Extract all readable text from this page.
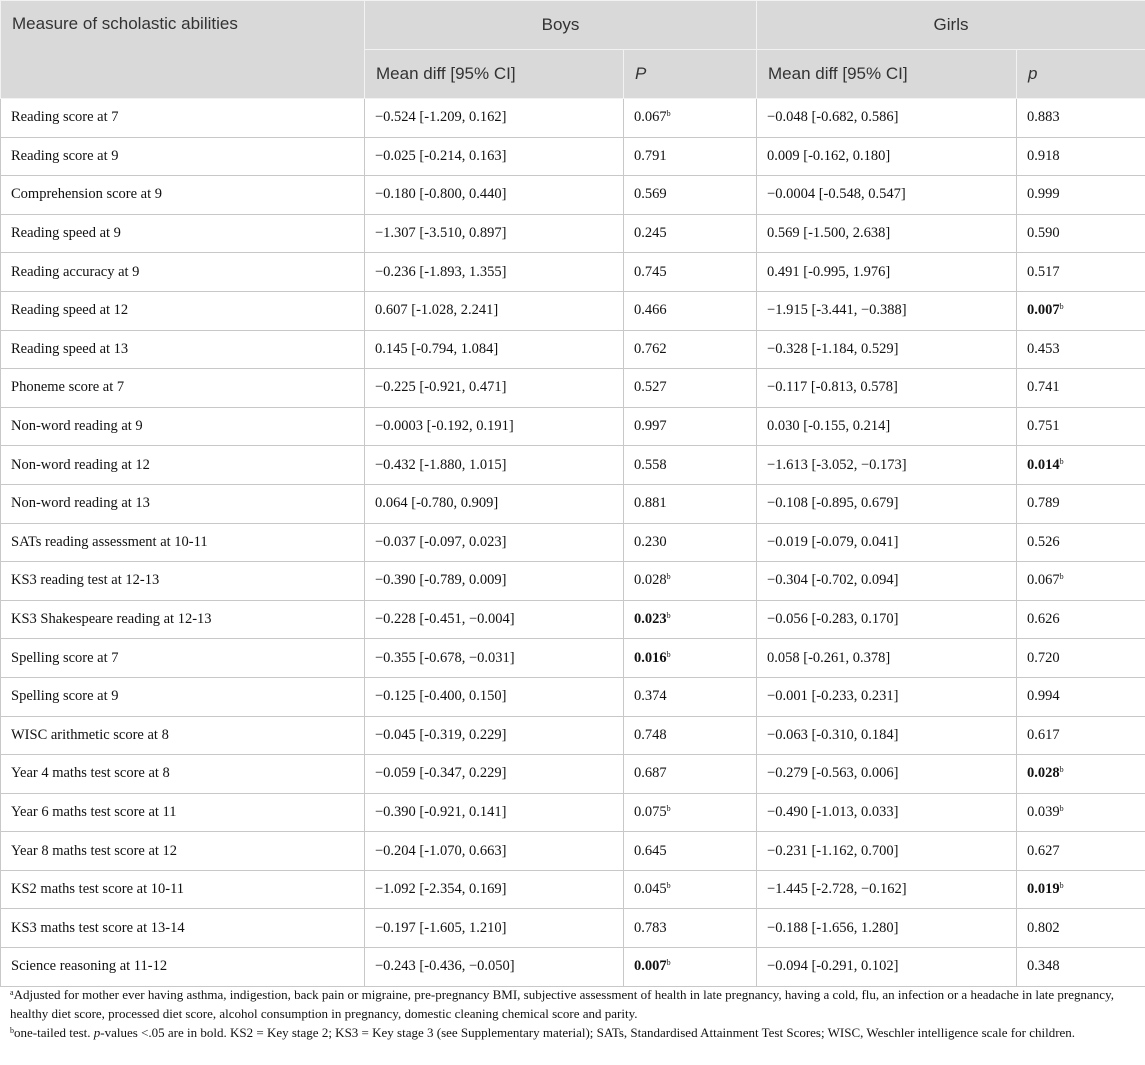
Measure of scholastic abilities	Boys		Girls	
	Mean diff [95% CI]	P	Mean diff [95% CI]	p
Reading score at 7	−0.524 [-1.209, 0.162]	0.067$^b$	−0.048 [-0.682, 0.586]	0.883
Reading score at 9	−0.025 [-0.214, 0.163]	0.791	0.009 [-0.162, 0.180]	0.918
Comprehension score at 9	−0.180 [-0.800, 0.440]	0.569	−0.0004 [-0.548, 0.547]	0.999
Reading speed at 9	−1.307 [-3.510, 0.897]	0.245	0.569 [-1.500, 2.638]	0.590
Reading accuracy at 9	−0.236 [-1.893, 1.355]	0.745	0.491 [-0.995, 1.976]	0.517
Reading speed at 12	0.607 [-1.028, 2.241]	0.466	−1.915 [-3.441, −0.388]	0.007$^b$
Reading speed at 13	0.145 [-0.794, 1.084]	0.762	−0.328 [-1.184, 0.529]	0.453
Phoneme score at 7	−0.225 [-0.921, 0.471]	0.527	−0.117 [-0.813, 0.578]	0.741
Non-word reading at 9	−0.0003 [-0.192, 0.191]	0.997	0.030 [-0.155, 0.214]	0.751
Non-word reading at 12	−0.432 [-1.880, 1.015]	0.558	−1.613 [-3.052, −0.173]	0.014$^b$
Non-word reading at 13	0.064 [-0.780, 0.909]	0.881	−0.108 [-0.895, 0.679]	0.789
SATs reading assessment at 10-11	−0.037 [-0.097, 0.023]	0.230	−0.019 [-0.079, 0.041]	0.526
KS3 reading test at 12-13	−0.390 [-0.789, 0.009]	0.028$^b$	−0.304 [-0.702, 0.094]	0.067$^b$
KS3 Shakespeare reading at 12-13	−0.228 [-0.451, −0.004]	0.023$^b$	−0.056 [-0.283, 0.170]	0.626
Spelling score at 7	−0.355 [-0.678, −0.031]	0.016$^b$	0.058 [-0.261, 0.378]	0.720
Spelling score at 9	−0.125 [-0.400, 0.150]	0.374	−0.001 [-0.233, 0.231]	0.994
WISC arithmetic score at 8	−0.045 [-0.319, 0.229]	0.748	−0.063 [-0.310, 0.184]	0.617
Year 4 maths test score at 8	−0.059 [-0.347, 0.229]	0.687	−0.279 [-0.563, 0.006]	0.028$^b$
Year 6 maths test score at 11	−0.390 [-0.921, 0.141]	0.075$^b$	−0.490 [-1.013, 0.033]	0.039$^b$
Year 8 maths test score at 12	−0.204 [-1.070, 0.663]	0.645	−0.231 [-1.162, 0.700]	0.627
KS2 maths test score at 10-11	−1.092 [-2.354, 0.169]	0.045$^b$	−1.445 [-2.728, −0.162]	0.019$^b$
KS3 maths test score at 13-14	−0.197 [-1.605, 1.210]	0.783	−0.188 [-1.656, 1.280]	0.802
Science reasoning at 11-12	−0.243 [-0.436, −0.050]	0.007$^b$	−0.094 [-0.291, 0.102]	0.348

$^a$Adjusted for mother ever having asthma, indigestion, back pain or migraine, pre-pregnancy BMI, subjective assessment of health in late pregnancy, having a cold, flu, an infection or a headache in late pregnancy, healthy diet score, processed diet score, alcohol consumption in pregnancy, domestic cleaning chemical score and parity.

$^b$one-tailed test. p-values <.05 are in bold. KS2 = Key stage 2; KS3 = Key stage 3 (see Supplementary material); SATs, Standardised Attainment Test Scores; WISC, Weschler intelligence scale for children.
